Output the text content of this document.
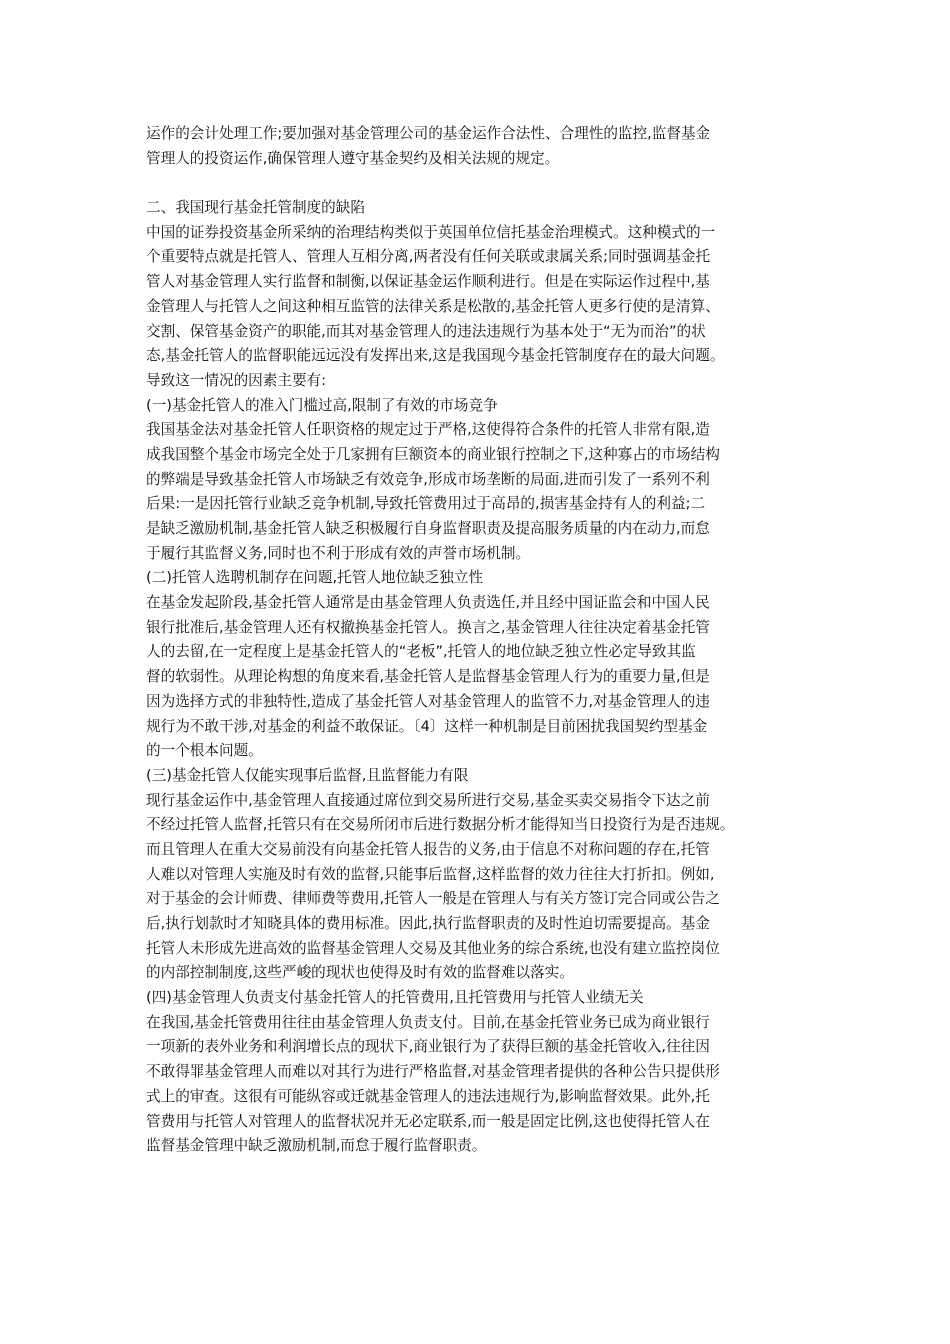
运作的会计处理工作;要加强对基金管理公司的基金运作合法性、合理性的监控,监督基金
管理人的投资运作,确保管理人遵守基金契约及相关法规的规定。
二、我国现行基金托管制度的缺陷
中国的证券投资基金所采纳的治理结构类似于英国单位信托基金治理模式。这种模式的一
个重要特点就是托管人、管理人互相分离,两者没有任何关联或隶属关系;同时强调基金托
管人对基金管理人实行监督和制衡,以保证基金运作顺利进行。但是在实际运作过程中,基
金管理人与托管人之间这种相互监管的法律关系是松散的,基金托管人更多行使的是清算、
交割、保管基金资产的职能,而其对基金管理人的违法违规行为基本处于“无为而治”的状
态,基金托管人的监督职能远远没有发挥出来,这是我国现今基金托管制度存在的最大问题。
导致这一情况的因素主要有:
(一)基金托管人的准入门槛过高,限制了有效的市场竞争
我国基金法对基金托管人任职资格的规定过于严格,这使得符合条件的托管人非常有限,造
成我国整个基金市场完全处于几家拥有巨额资本的商业银行控制之下,这种寡占的市场结构
的弊端是导致基金托管人市场缺乏有效竞争,形成市场垄断的局面,进而引发了一系列不利
后果:一是因托管行业缺乏竞争机制,导致托管费用过于高昂的,损害基金持有人的利益;二
是缺乏激励机制,基金托管人缺乏积极履行自身监督职责及提高服务质量的内在动力,而怠
于履行其监督义务,同时也不利于形成有效的声誉市场机制。
(二)托管人选聘机制存在问题,托管人地位缺乏独立性
在基金发起阶段,基金托管人通常是由基金管理人负责选任,并且经中国证监会和中国人民
银行批准后,基金管理人还有权撤换基金托管人。换言之,基金管理人往往决定着基金托管
人的去留,在一定程度上是基金托管人的“老板”,托管人的地位缺乏独立性必定导致其监
督的软弱性。从理论构想的角度来看,基金托管人是监督基金管理人行为的重要力量,但是
因为选择方式的非独特性,造成了基金托管人对基金管理人的监管不力,对基金管理人的违
规行为不敢干涉,对基金的利益不敢保证。〔4〕这样一种机制是目前困扰我国契约型基金
的一个根本问题。
(三)基金托管人仅能实现事后监督,且监督能力有限
现行基金运作中,基金管理人直接通过席位到交易所进行交易,基金买卖交易指令下达之前
不经过托管人监督,托管只有在交易所闭市后进行数据分析才能得知当日投资行为是否违规。
而且管理人在重大交易前没有向基金托管人报告的义务,由于信息不对称问题的存在,托管
人难以对管理人实施及时有效的监督,只能事后监督,这样监督的效力往往大打折扣。例如,
对于基金的会计师费、律师费等费用,托管人一般是在管理人与有关方签订完合同或公告之
后,执行划款时才知晓具体的费用标准。因此,执行监督职责的及时性迫切需要提高。基金
托管人未形成先进高效的监督基金管理人交易及其他业务的综合系统,也没有建立监控岗位
的内部控制制度,这些严峻的现状也使得及时有效的监督难以落实。
(四)基金管理人负责支付基金托管人的托管费用,且托管费用与托管人业绩无关
在我国,基金托管费用往往由基金管理人负责支付。目前,在基金托管业务已成为商业银行
一项新的表外业务和利润增长点的现状下,商业银行为了获得巨额的基金托管收入,往往因
不敢得罪基金管理人而难以对其行为进行严格监督,对基金管理者提供的各种公告只提供形
式上的审查。这很有可能纵容或迁就基金管理人的违法违规行为,影响监督效果。此外,托
管费用与托管人对管理人的监督状况并无必定联系,而一般是固定比例,这也使得托管人在
监督基金管理中缺乏激励机制,而怠于履行监督职责。
